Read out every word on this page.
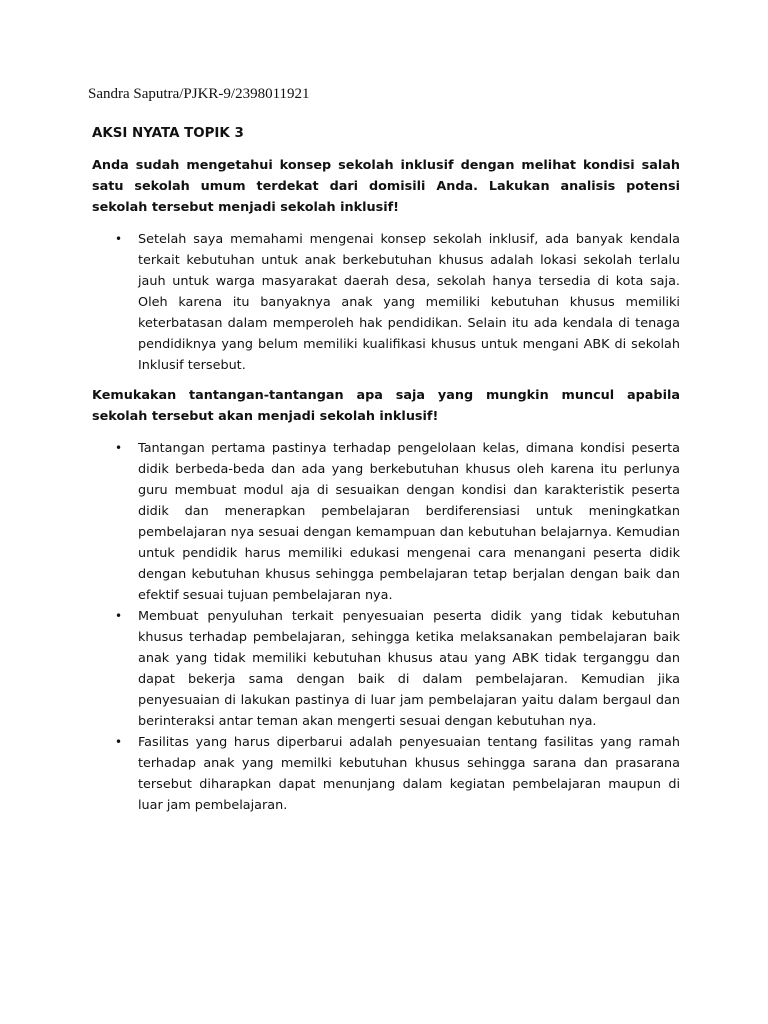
Sandra Saputra/PJKR-9/2398011921
AKSI NYATA TOPIK 3
Anda sudah mengetahui konsep sekolah inklusif dengan melihat kondisi salah satu sekolah umum terdekat dari domisili Anda. Lakukan analisis potensi sekolah tersebut menjadi sekolah inklusif!
• Setelah saya memahami mengenai konsep sekolah inklusif, ada banyak kendala terkait kebutuhan untuk anak berkebutuhan khusus adalah lokasi sekolah terlalu jauh untuk warga masyarakat daerah desa, sekolah hanya tersedia di kota saja. Oleh karena itu banyaknya anak yang memiliki kebutuhan khusus memiliki keterbatasan dalam memperoleh hak pendidikan. Selain itu ada kendala di tenaga pendidiknya yang belum memiliki kualifikasi khusus untuk mengani ABK di sekolah Inklusif tersebut.
Kemukakan tantangan-tantangan apa saja yang mungkin muncul apabila sekolah tersebut akan menjadi sekolah inklusif!
• Tantangan pertama pastinya terhadap pengelolaan kelas, dimana kondisi peserta didik berbeda-beda dan ada yang berkebutuhan khusus oleh karena itu perlunya guru membuat modul aja di sesuaikan dengan kondisi dan karakteristik peserta didik dan menerapkan pembelajaran berdiferensiasi untuk meningkatkan pembelajaran nya sesuai dengan kemampuan dan kebutuhan belajarnya. Kemudian untuk pendidik harus memiliki edukasi mengenai cara menangani peserta didik dengan kebutuhan khusus sehingga pembelajaran tetap berjalan dengan baik dan efektif sesuai tujuan pembelajaran nya.
• Membuat penyuluhan terkait penyesuaian peserta didik yang tidak kebutuhan khusus terhadap pembelajaran, sehingga ketika melaksanakan pembelajaran baik anak yang tidak memiliki kebutuhan khusus atau yang ABK tidak terganggu dan dapat bekerja sama dengan baik di dalam pembelajaran. Kemudian jika penyesuaian di lakukan pastinya di luar jam pembelajaran yaitu dalam bergaul dan berinteraksi antar teman akan mengerti sesuai dengan kebutuhan nya.
• Fasilitas yang harus diperbarui adalah penyesuaian tentang fasilitas yang ramah terhadap anak yang memilki kebutuhan khusus sehingga sarana dan prasarana tersebut diharapkan dapat menunjang dalam kegiatan pembelajaran maupun di luar jam pembelajaran.
